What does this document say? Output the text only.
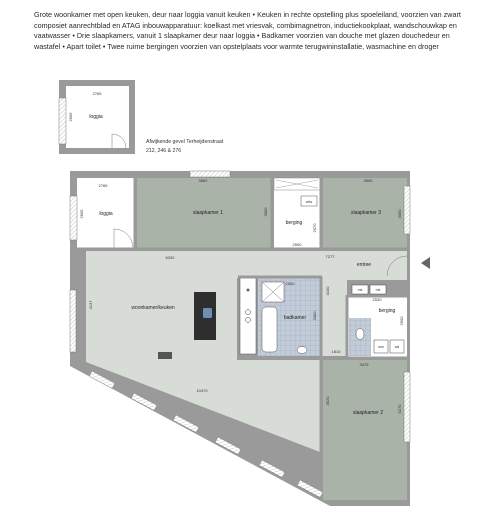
Grote woonkamer met open keuken, deur naar loggia vanuit keuken • Keuken in rechte opstelling plus spoeleiland, voorzien van zwart composiet aanrechtblad en ATAG inbouwapparatuur: koelkast met vriesvak, combimagnetron, inductiekookplaat, wandschouwkap en vaatwasser • Drie slaapkamers, vanuit 1 slaapkamer deur naar loggia • Badkamer voorzien van douche met glazen douchedeur en wastafel • Apart toilet • Twee ruime bergingen voorzien van opstelplaats voor warmte terugwininstallatie, wasmachine en droger
Afwijkende gevel Terheijdenstraat
212, 246 & 276
loggia
2765
2605
loggia	slaapkamer 1
berging
slaapkamer 3
woonkamer/keuken
badkamer
entree
berging
slaapkamer 2
wtw
mk	mk
wm	wd
2765
2605
3562
3000
2070
2500
3500
3000
6330
4137
10470
7277
2500
3000
4100
2530
2600
1810
3475
3520
5270
